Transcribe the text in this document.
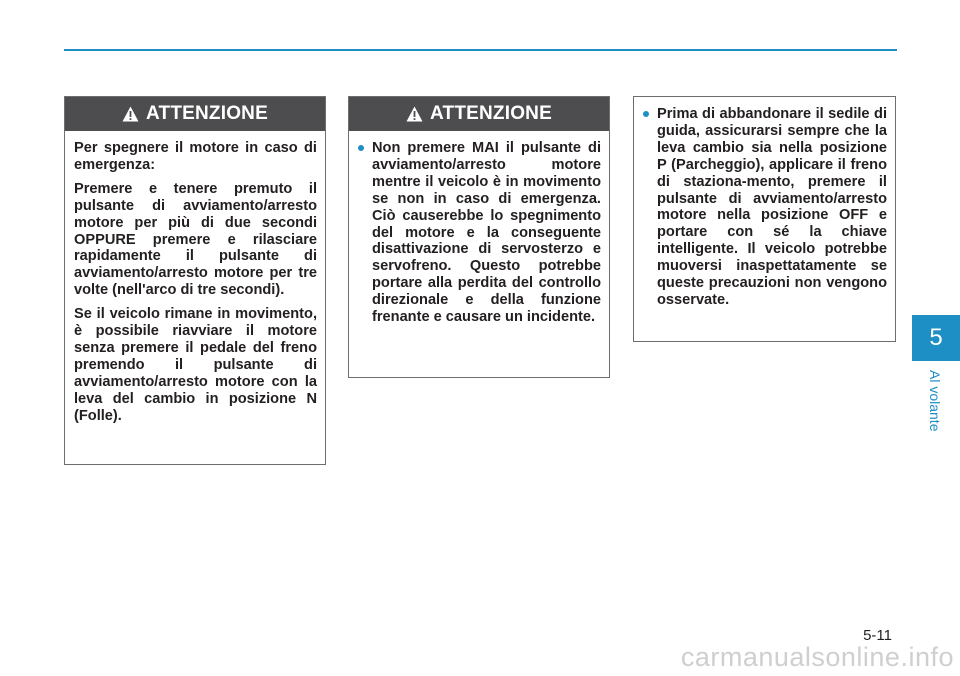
ATTENZIONE

Per spegnere il motore in caso di emergenza:

Premere e tenere premuto il pulsante di avviamento/arresto motore per più di due secondi OPPURE premere e rilasciare rapidamente il pulsante di avviamento/arresto motore per tre volte (nell'arco di tre secondi).

Se il veicolo rimane in movimento, è possibile riavviare il motore senza premere il pedale del freno premendo il pulsante di avviamento/arresto motore con la leva del cambio in posizione N (Folle).

ATTENZIONE
Non premere MAI il pulsante di avviamento/arresto motore mentre il veicolo è in movimento se non in caso di emergenza. Ciò causerebbe lo spegnimento del motore e la conseguente disattivazione di servosterzo e servofreno. Questo potrebbe portare alla perdita del controllo direzionale e della funzione frenante e causare un incidente.
Prima di abbandonare il sedile di guida, assicurarsi sempre che la leva cambio sia nella posizione P (Parcheggio), applicare il freno di staziona-mento, premere il pulsante di avviamento/arresto motore nella posizione OFF e portare con sé la chiave intelligente. Il veicolo potrebbe muoversi inaspettatamente se queste precauzioni non vengono osservate.
5
Al volante
5-11
carmanualsonline.info
